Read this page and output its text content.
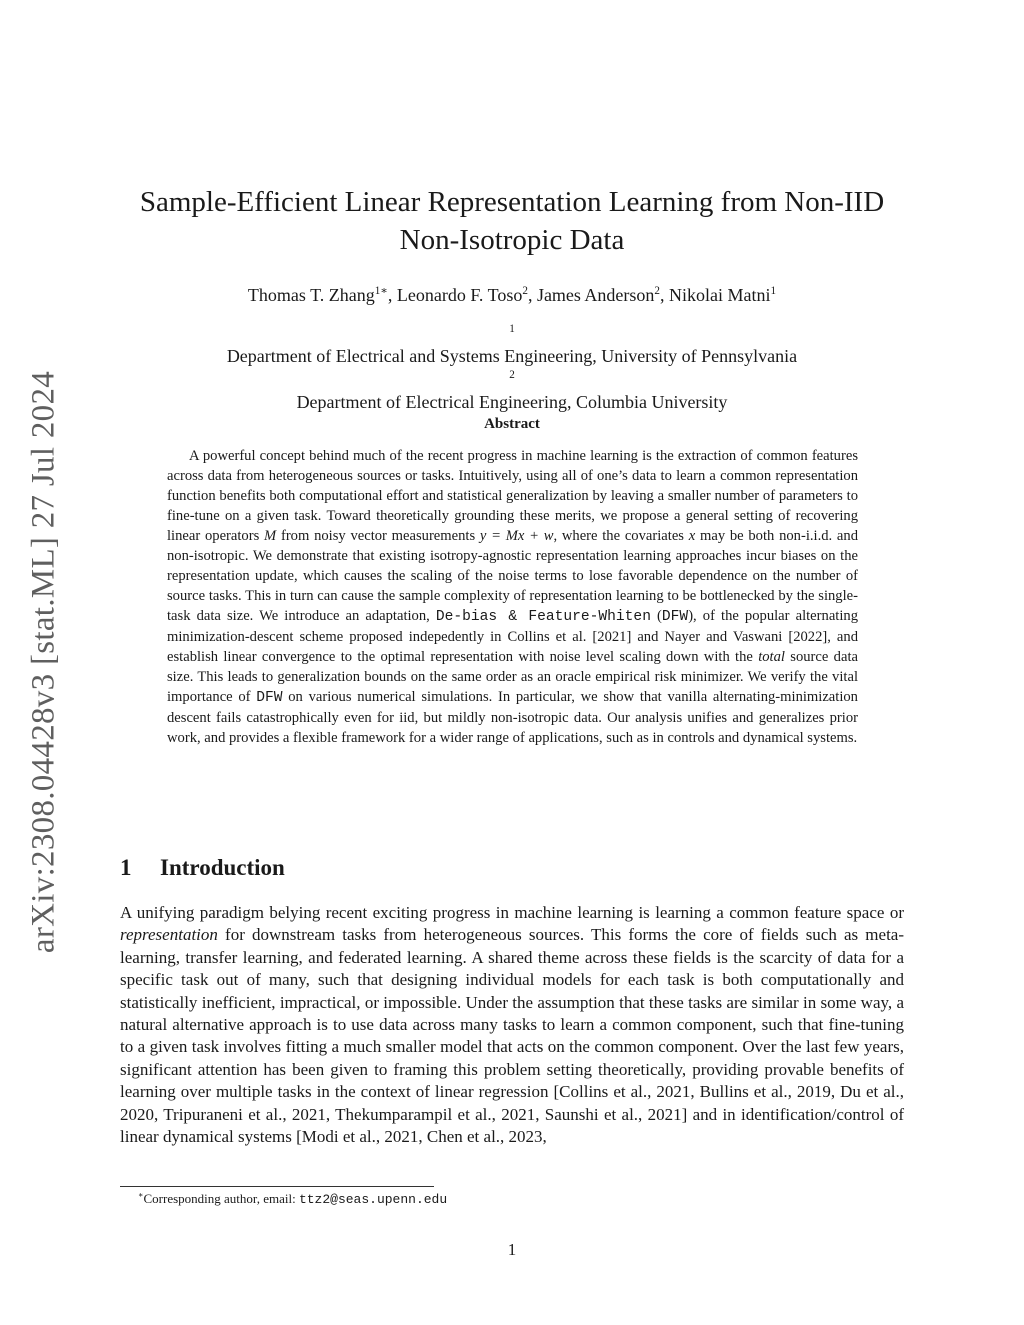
arXiv:2308.04428v3 [stat.ML] 27 Jul 2024
Sample-Efficient Linear Representation Learning from Non-IID
Non-Isotropic Data
Thomas T. Zhang$^{1∗}$, Leonardo F. Toso$^2$, James Anderson$^2$, Nikolai Matni$^1$
$^1$
Department of Electrical and Systems Engineering, University of Pennsylvania
$^2$
Department of Electrical Engineering, Columbia University
Abstract

A powerful concept behind much of the recent progress in machine learning is the extraction of common features across data from heterogeneous sources or tasks. Intuitively, using all of one’s data to learn a common representation function benefits both computational effort and statistical generalization by leaving a smaller number of parameters to fine-tune on a given task. Toward theoretically grounding these merits, we propose a general setting of recovering linear operators M from noisy vector measurements y = Mx + w, where the covariates x may be both non-i.i.d. and non-isotropic. We demonstrate that existing isotropy-agnostic representation learning approaches incur biases on the representation update, which causes the scaling of the noise terms to lose favorable dependence on the number of source tasks. This in turn can cause the sample complexity of representation learning to be bottlenecked by the single-task data size. We introduce an adaptation, De-bias & Feature-Whiten (DFW), of the popular alternating minimization-descent scheme proposed indepedently in Collins et al. [2021] and Nayer and Vaswani [2022], and establish linear convergence to the optimal representation with noise level scaling down with the total source data size. This leads to generalization bounds on the same order as an oracle empirical risk minimizer. We verify the vital importance of DFW on various numerical simulations. In particular, we show that vanilla alternating-minimization descent fails catastrophically even for iid, but mildly non-isotropic data. Our analysis unifies and generalizes prior work, and provides a flexible framework for a wider range of applications, such as in controls and dynamical systems.

1 Introduction

A unifying paradigm belying recent exciting progress in machine learning is learning a common feature space or representation for downstream tasks from heterogeneous sources. This forms the core of fields such as meta-learning, transfer learning, and federated learning. A shared theme across these fields is the scarcity of data for a specific task out of many, such that designing individual models for each task is both computationally and statistically inefficient, impractical, or impossible. Under the assumption that these tasks are similar in some way, a natural alternative approach is to use data across many tasks to learn a common component, such that fine-tuning to a given task involves fitting a much smaller model that acts on the common component. Over the last few years, significant attention has been given to framing this problem setting theoretically, providing provable benefits of learning over multiple tasks in the context of linear regression [Collins et al., 2021, Bullins et al., 2019, Du et al., 2020, Tripuraneni et al., 2021, Thekumparampil et al., 2021, Saunshi et al., 2021] and in identification/control of linear dynamical systems [Modi et al., 2021, Chen et al., 2023,

∗Corresponding author, email: ttz2@seas.upenn.edu
1
